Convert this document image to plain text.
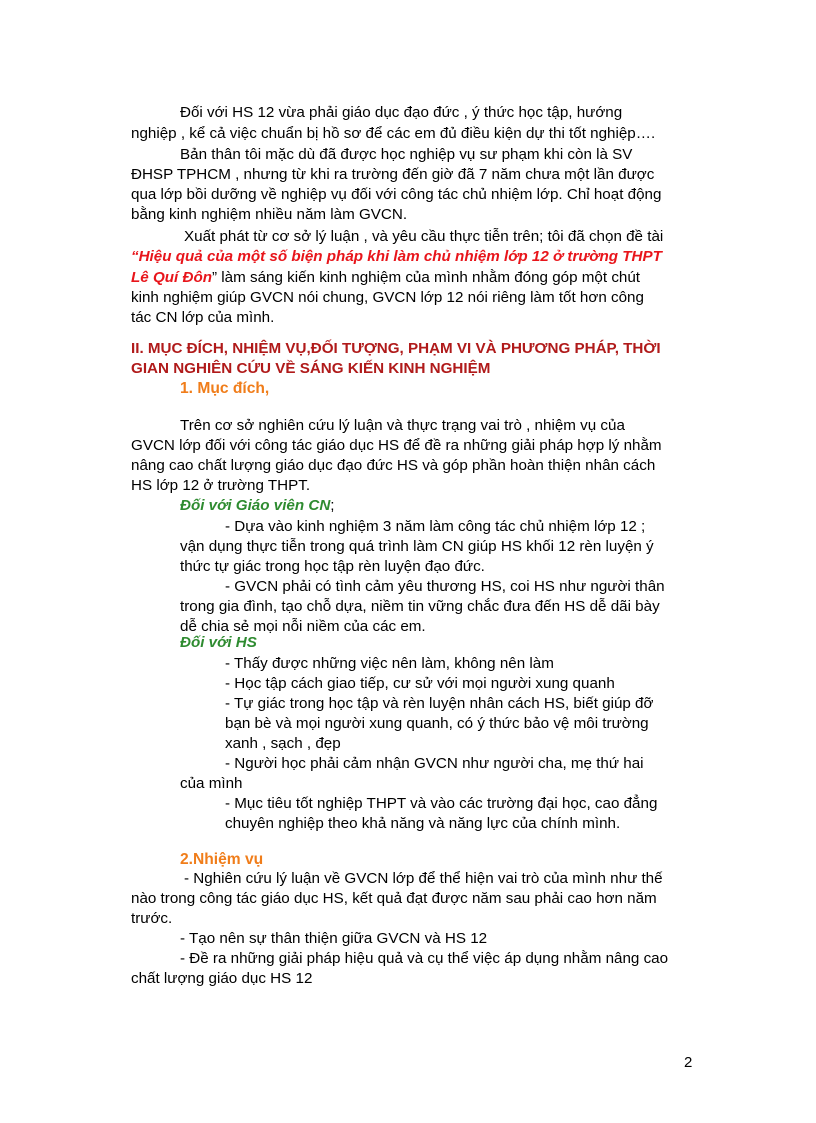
Đối với HS 12 vừa phải giáo dục đạo đức , ý thức học tập, hướng
nghiệp , kể cả việc chuẩn bị hồ sơ để các em đủ điều kiện dự thi tốt nghiệp….
Bản thân tôi mặc dù đã được học nghiệp vụ sư phạm khi còn là SV
ĐHSP TPHCM , nhưng từ khi ra trường đến giờ đã 7 năm chưa một lần được
qua lớp bồi dưỡng về nghiệp vụ đối với công tác chủ nhiệm lớp. Chỉ hoạt động
bằng kinh nghiệm nhiều năm làm GVCN.
Xuất phát từ cơ sở lý luận , và yêu cầu thực tiễn trên; tôi đã chọn đề tài
“Hiệu quả của một số biện pháp khi làm chủ nhiệm lớp 12 ở trường THPT
Lê Quí Đôn” làm sáng kiến kinh nghiệm của mình nhằm đóng góp một chút
kinh nghiệm giúp GVCN nói chung, GVCN lớp 12 nói riêng làm tốt hơn công
tác CN lớp của mình.
II. MỤC ĐÍCH, NHIỆM VỤ,ĐỐI TƯỢNG, PHẠM VI VÀ PHƯƠNG PHÁP, THỜI
GIAN NGHIÊN CỨU VỀ SÁNG KIẾN KINH NGHIỆM
1. Mục đích,
Trên cơ sở nghiên cứu lý luận và thực trạng vai trò , nhiệm vụ của
GVCN lớp đối với công tác giáo dục HS để đề ra những giải pháp hợp lý nhằm
nâng cao chất lượng giáo dục đạo đức HS và góp phần hoàn thiện nhân cách
HS lớp 12 ở trường THPT.
Đối với Giáo viên CN;
- Dựa vào kinh nghiệm 3 năm làm công tác chủ nhiệm lớp 12 ;
vận dụng thực tiễn trong quá trình làm CN giúp HS khối 12 rèn luyện ý
thức tự giác trong học tập rèn luyện đạo đức.
- GVCN phải có tình cảm yêu thương HS, coi HS như người thân
trong gia đình, tạo chỗ dựa, niềm tin vững chắc đưa đến HS dễ dãi bày
dễ chia sẻ mọi nỗi niềm của các em.
Đối với HS
- Thấy được những việc nên làm, không nên làm
- Học tập cách giao tiếp, cư sử với mọi người xung quanh
- Tự giác trong học tập và rèn luyện nhân cách HS, biết giúp đỡ
bạn bè và mọi người xung quanh, có ý thức bảo vệ môi trường
xanh , sạch , đẹp
- Người học phải cảm nhận GVCN như người cha, mẹ thứ hai
của mình
- Mục tiêu tốt nghiệp THPT và vào các trường đại học, cao đẳng
chuyên nghiệp theo khả năng và năng lực của chính mình.
2.Nhiệm vụ
- Nghiên cứu lý luận về GVCN lớp để thể hiện vai trò của mình như thế
nào trong công tác giáo dục HS, kết quả đạt được năm sau phải cao hơn năm
trước.
- Tạo nên sự thân thiện giữa GVCN và HS 12
- Đề ra những giải pháp hiệu quả và cụ thể việc áp dụng nhằm nâng cao
chất lượng giáo dục HS 12
2
